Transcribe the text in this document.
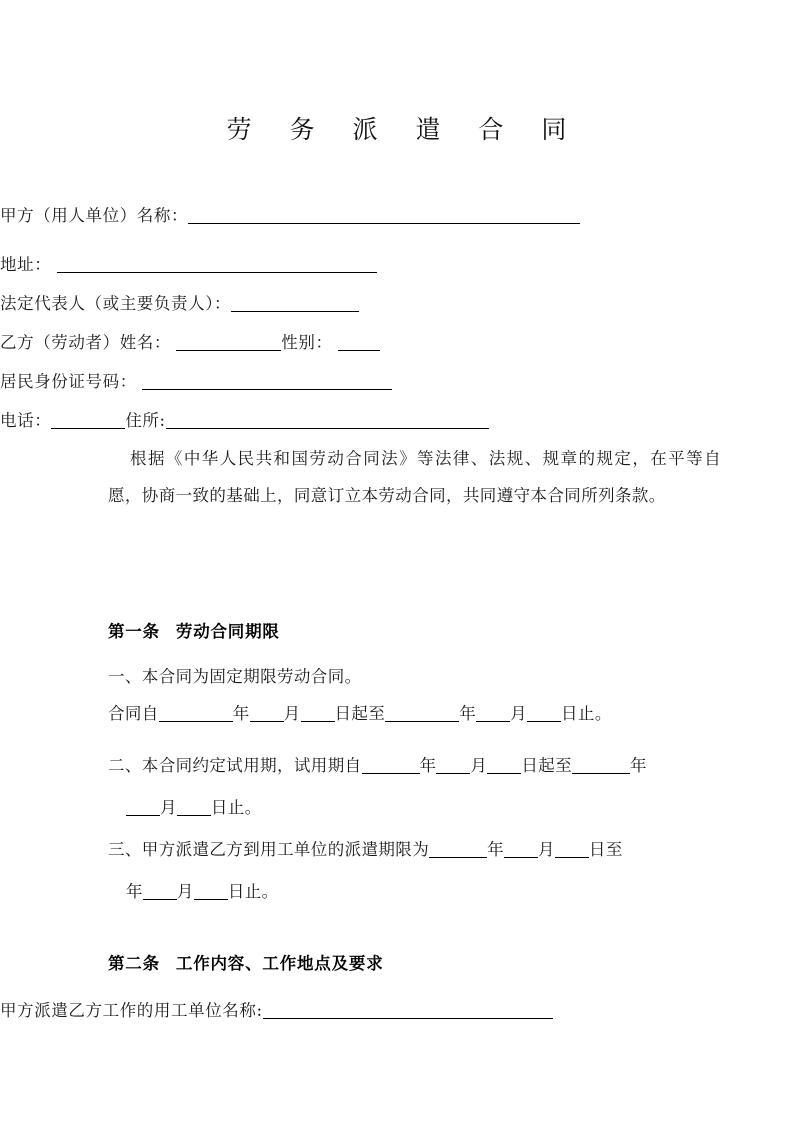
劳 务 派 遣 合 同
甲方（用人单位）名称：
地址：
法定代表人（或主要负责人）：
乙方（劳动者）姓名：	性别：
居民身份证号码：
电话：	住所:
根据《中华人民共和国劳动合同法》等法律、法规、规章的规定，在平等自愿，协商一致的基础上，同意订立本劳动合同，共同遵守本合同所列条款。
第一条 劳动合同期限
一、本合同为固定期限劳动合同。
合同自	年 月 日起至	年 月 日止。
二、本合同约定试用期，试用期自	年 月 日起至	年
月 日止。
三、甲方派遣乙方到用工单位的派遣期限为	年 月 日至
年 月 日止。
第二条 工作内容、工作地点及要求
甲方派遣乙方工作的用工单位名称:
